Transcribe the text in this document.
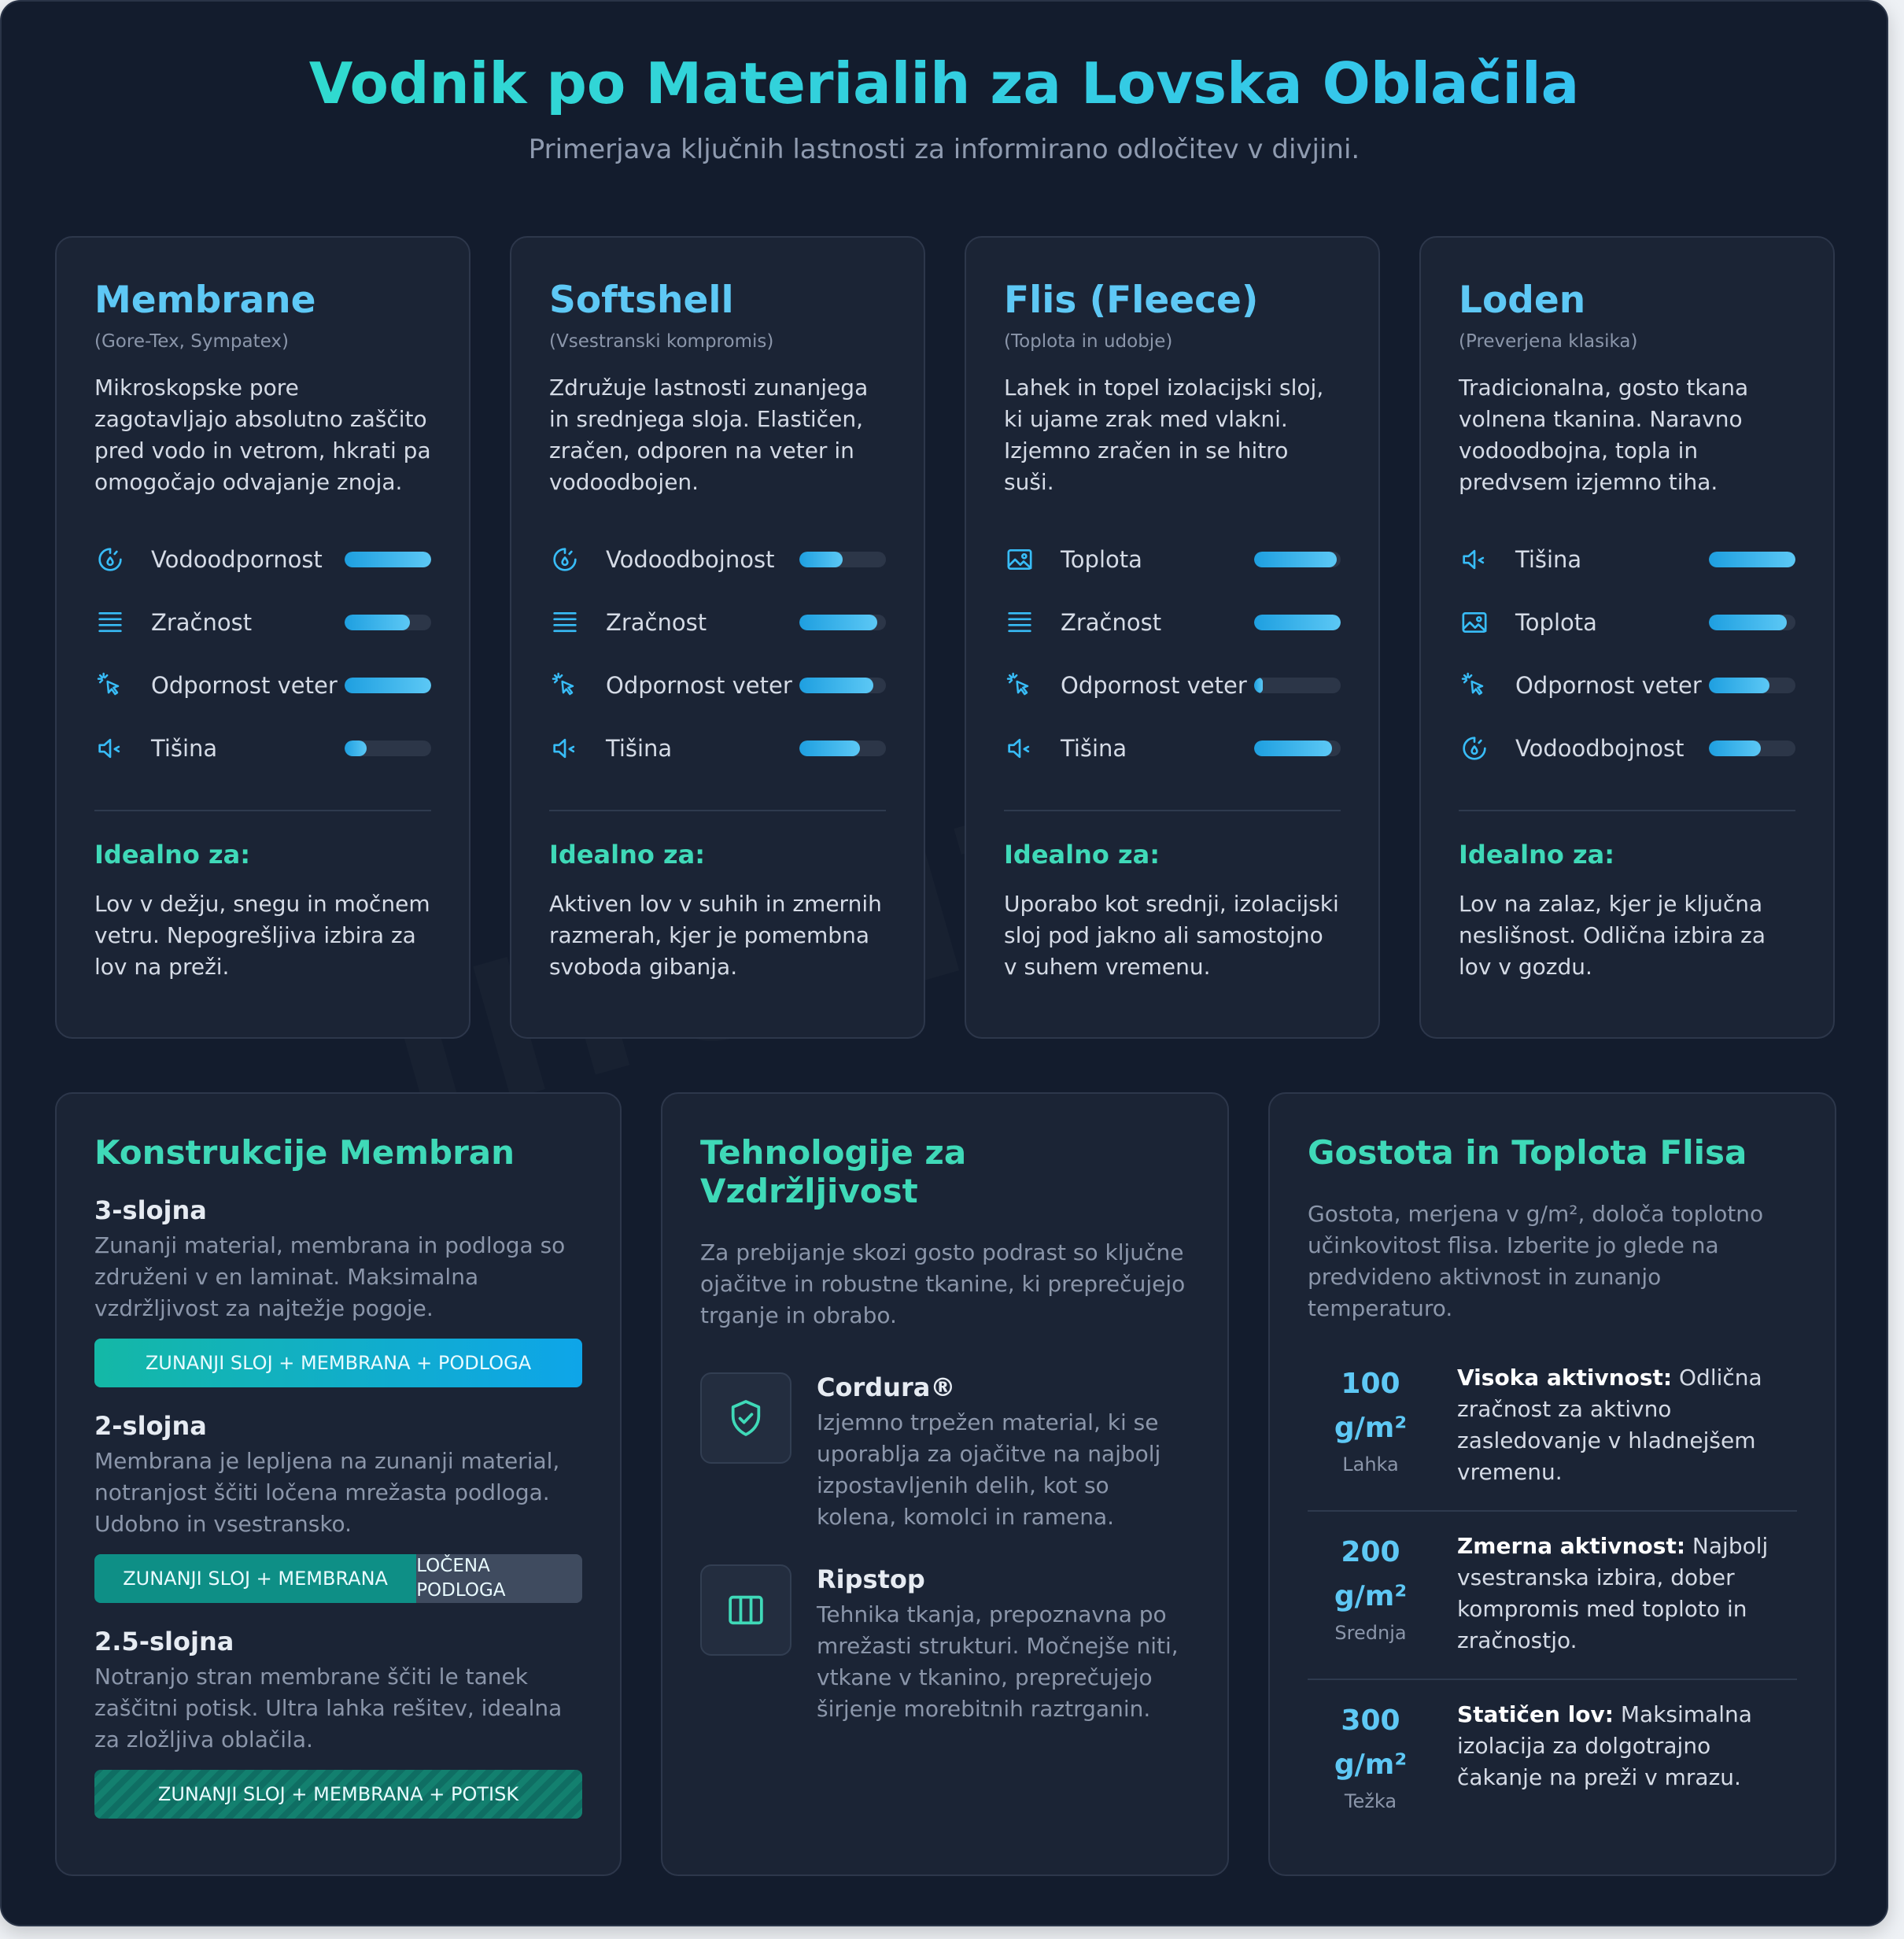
Vodnik po Materialih za Lovska Oblačila

Primerjava ključnih lastnosti za informirano odločitev v divjini.

Membrane
(Gore-Tex, Sympatex)
Mikroskopske pore zagotavljajo absolutno zaščito pred vodo in vetrom, hkrati pa omogočajo odvajanje znoja.
Vodoodpornost
Zračnost
Odpornost veter
Tišina
Idealno za:
Lov v dežju, snegu in močnem vetru. Nepogrešljiva izbira za lov na preži.
Softshell
(Vsestranski kompromis)
Združuje lastnosti zunanjega in srednjega sloja. Elastičen, zračen, odporen na veter in vodoodbojen.
Vodoodbojnost
Zračnost
Odpornost veter
Tišina
Idealno za:
Aktiven lov v suhih in zmernih razmerah, kjer je pomembna svoboda gibanja.
Flis (Fleece)
(Toplota in udobje)
Lahek in topel izolacijski sloj, ki ujame zrak med vlakni. Izjemno zračen in se hitro suši.
Toplota
Zračnost
Odpornost veter
Tišina
Idealno za:
Uporabo kot srednji, izolacijski sloj pod jakno ali samostojno v suhem vremenu.
Loden
(Preverjena klasika)
Tradicionalna, gosto tkana volnena tkanina. Naravno vodoodbojna, topla in predvsem izjemno tiha.
Tišina
Toplota
Odpornost veter
Vodoodbojnost
Idealno za:
Lov na zalaz, kjer je ključna neslišnost. Odlična izbira za lov v gozdu.
Konstrukcije Membran
3-slojna
Zunanji material, membrana in podloga so združeni v en laminat. Maksimalna vzdržljivost za najtežje pogoje.
ZUNANJI SLOJ + MEMBRANA + PODLOGA
2-slojna
Membrana je lepljena na zunanji material, notranjost ščiti ločena mrežasta podloga. Udobno in vsestransko.
ZUNANJI SLOJ + MEMBRANA
LOČENA PODLOGA
2.5-slojna
Notranjo stran membrane ščiti le tanek zaščitni potisk. Ultra lahka rešitev, idealna za zložljiva oblačila.
ZUNANJI SLOJ + MEMBRANA + POTISK
Tehnologije za Vzdržljivost
Za prebijanje skozi gosto podrast so ključne ojačitve in robustne tkanine, ki preprečujejo trganje in obrabo.
Cordura®
Izjemno trpežen material, ki se uporablja za ojačitve na najbolj izpostavljenih delih, kot so kolena, komolci in ramena.
Ripstop
Tehnika tkanja, prepoznavna po mrežasti strukturi. Močnejše niti, vtkane v tkanino, preprečujejo širjenje morebitnih raztrganin.
Gostota in Toplota Flisa
Gostota, merjena v g/m², določa toplotno učinkovitost flisa. Izberite jo glede na predvideno aktivnost in zunanjo temperaturo.
100
g/m²
Lahka
Visoka aktivnost: Odlična zračnost za aktivno zasledovanje v hladnejšem vremenu.
200
g/m²
Srednja
Zmerna aktivnost: Najbolj vsestranska izbira, dober kompromis med toploto in zračnostjo.
300
g/m²
Težka
Statičen lov: Maksimalna izolacija za dolgotrajno čakanje na preži v mrazu.
